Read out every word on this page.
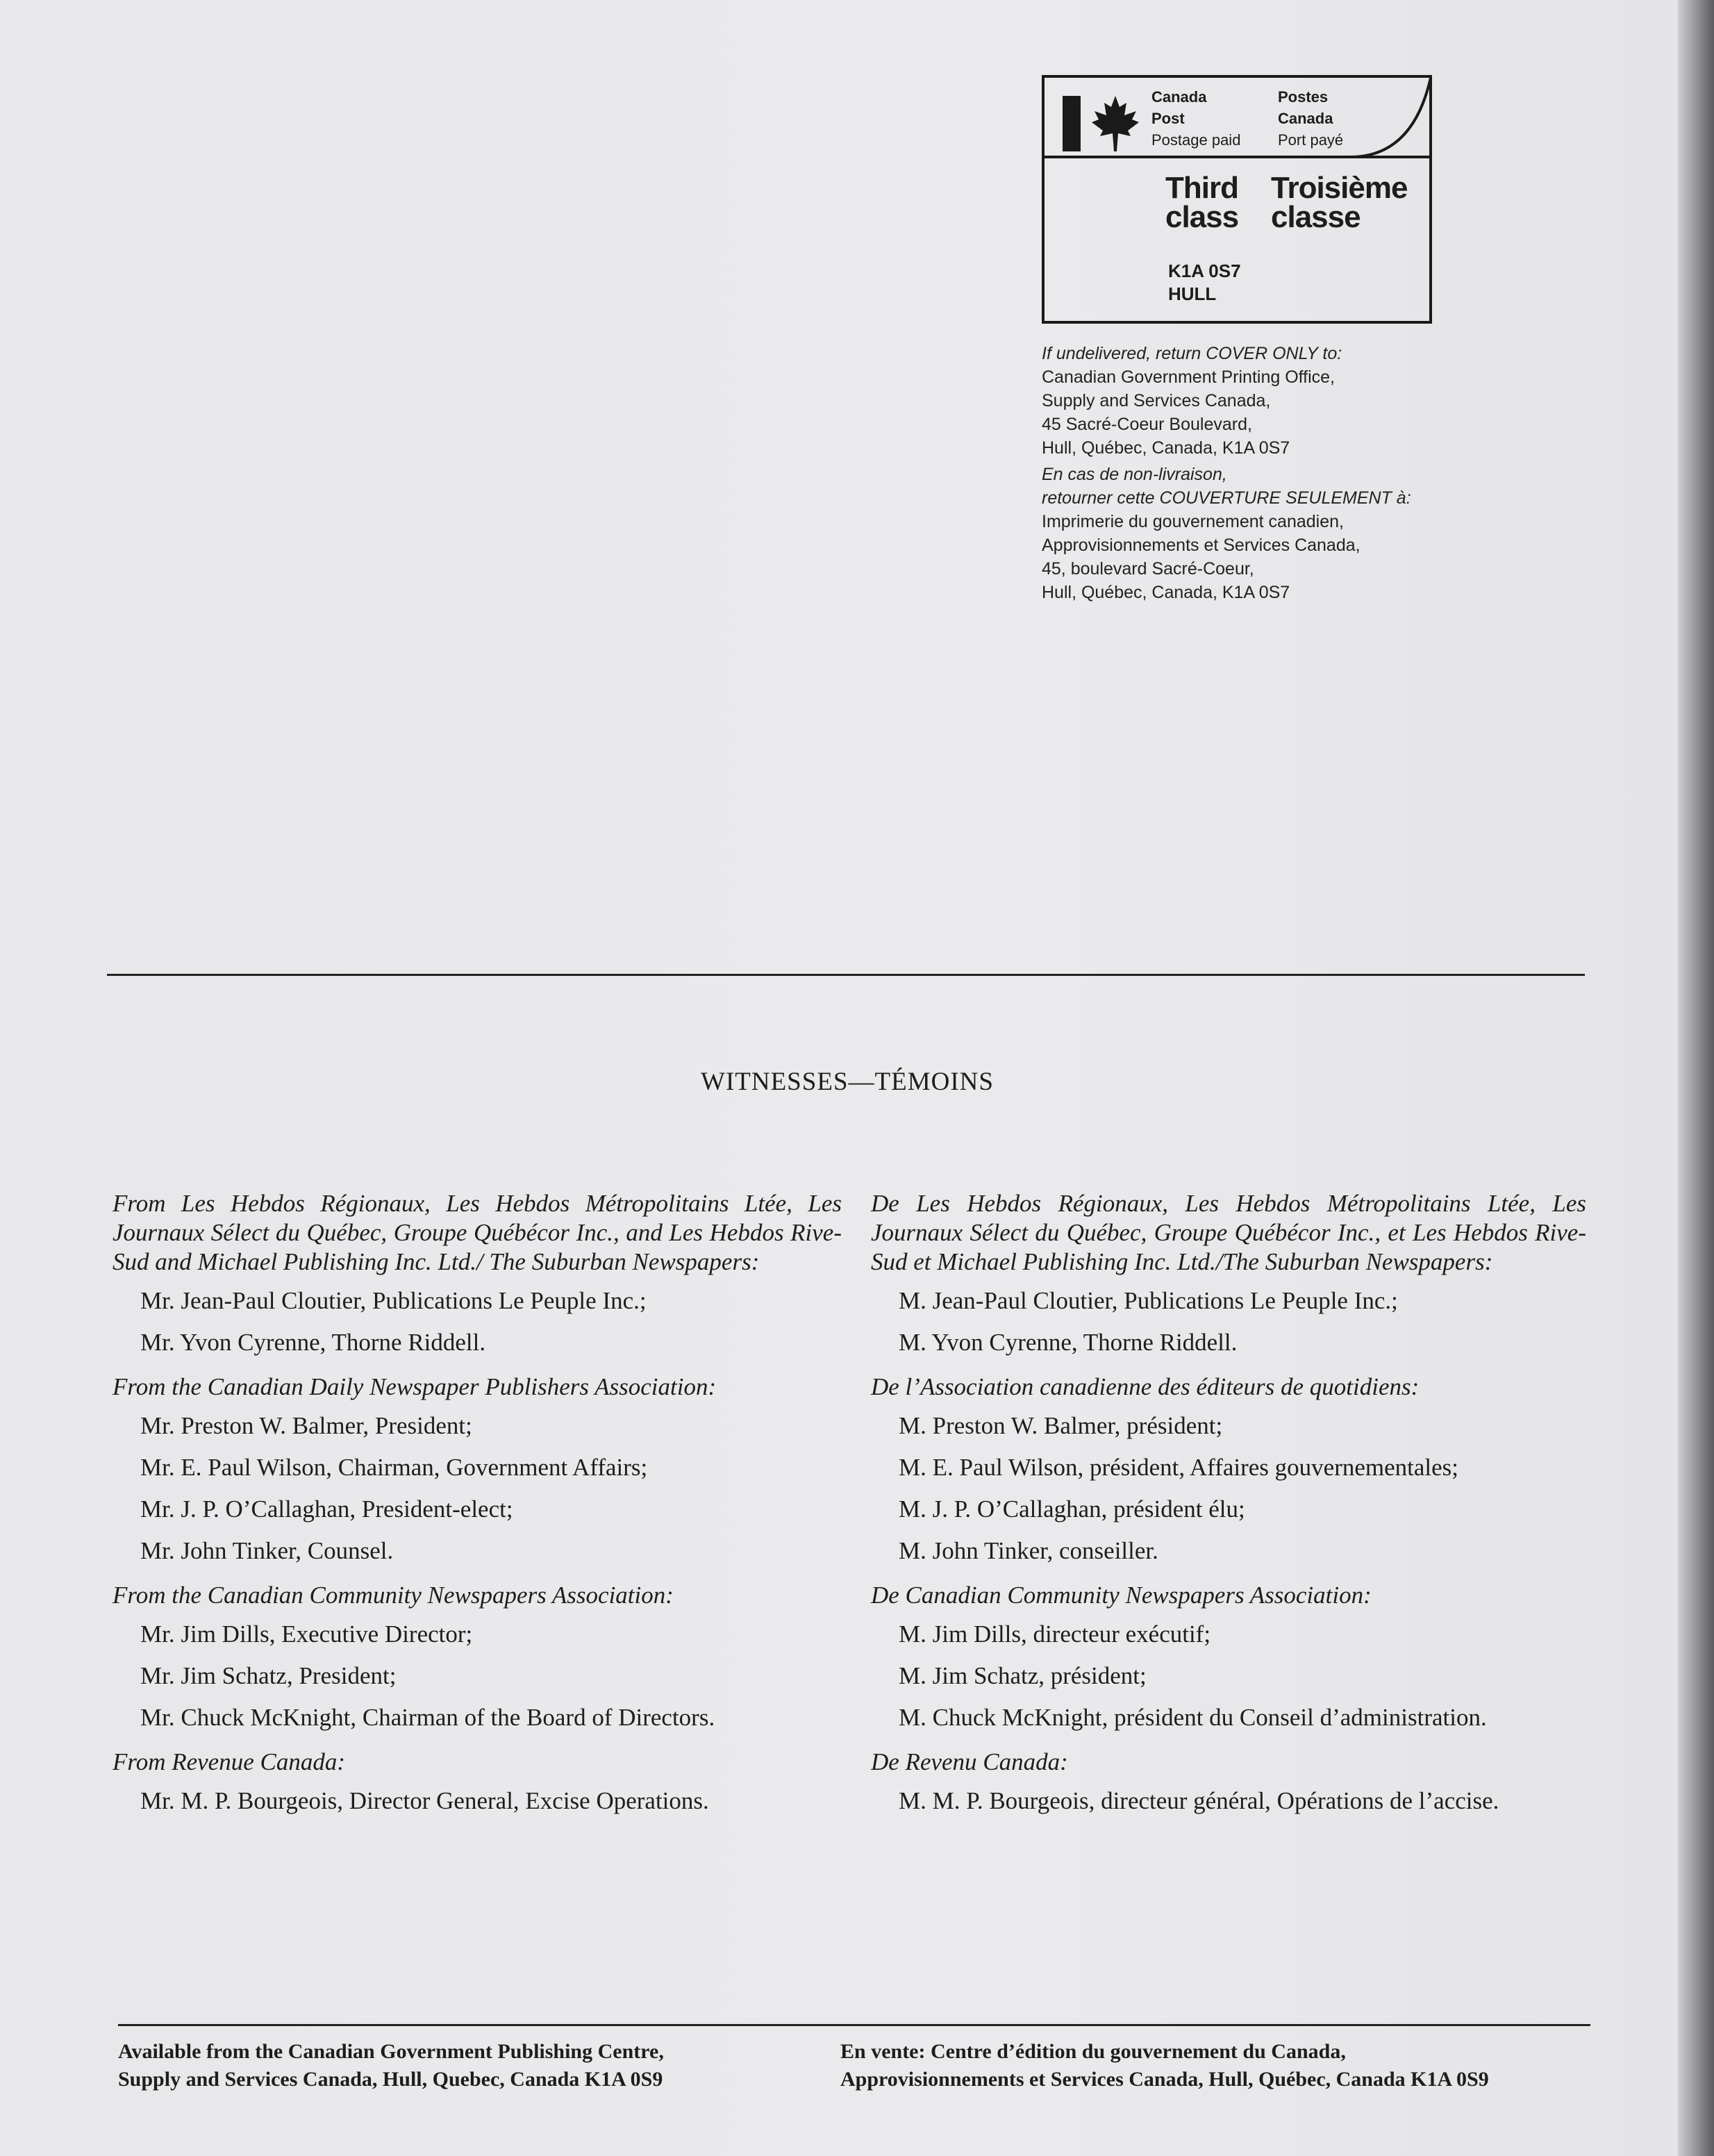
Canada
Post
Postage paid
Postes
Canada
Port payé
Third
class
Troisième
classe
K1A 0S7
HULL
If undelivered, return COVER ONLY to:
Canadian Government Printing Office,
Supply and Services Canada,
45 Sacré-Coeur Boulevard,
Hull, Québec, Canada, K1A 0S7
En cas de non-livraison,
retourner cette COUVERTURE SEULEMENT à:
Imprimerie du gouvernement canadien,
Approvisionnements et Services Canada,
45, boulevard Sacré-Coeur,
Hull, Québec, Canada, K1A 0S7
WITNESSES—TÉMOINS

From Les Hebdos Régionaux, Les Hebdos Métropolitains Ltée, Les Journaux Sélect du Québec, Groupe Québécor Inc., and Les Hebdos Rive-Sud and Michael Publishing Inc. Ltd./ The Suburban Newspapers:

Mr. Jean-Paul Cloutier, Publications Le Peuple Inc.;
Mr. Yvon Cyrenne, Thorne Riddell.

From the Canadian Daily Newspaper Publishers Association:

Mr. Preston W. Balmer, President;
Mr. E. Paul Wilson, Chairman, Government Affairs;
Mr. J. P. O’Callaghan, President-elect;
Mr. John Tinker, Counsel.

From the Canadian Community Newspapers Association:

Mr. Jim Dills, Executive Director;
Mr. Jim Schatz, President;
Mr. Chuck McKnight, Chairman of the Board of Directors.

From Revenue Canada:

Mr. M. P. Bourgeois, Director General, Excise Operations.

De Les Hebdos Régionaux, Les Hebdos Métropolitains Ltée, Les Journaux Sélect du Québec, Groupe Québécor Inc., et Les Hebdos Rive-Sud et Michael Publishing Inc. Ltd./The Suburban Newspapers:

M. Jean-Paul Cloutier, Publications Le Peuple Inc.;
M. Yvon Cyrenne, Thorne Riddell.

De l’Association canadienne des éditeurs de quotidiens:

M. Preston W. Balmer, président;
M. E. Paul Wilson, président, Affaires gouvernementales;
M. J. P. O’Callaghan, président élu;
M. John Tinker, conseiller.

De Canadian Community Newspapers Association:

M. Jim Dills, directeur exécutif;
M. Jim Schatz, président;
M. Chuck McKnight, président du Conseil d’administration.

De Revenu Canada:

M. M. P. Bourgeois, directeur général, Opérations de l’accise.
Available from the Canadian Government Publishing Centre,
Supply and Services Canada, Hull, Quebec, Canada K1A 0S9
En vente: Centre d’édition du gouvernement du Canada,
Approvisionnements et Services Canada, Hull, Québec, Canada K1A 0S9
